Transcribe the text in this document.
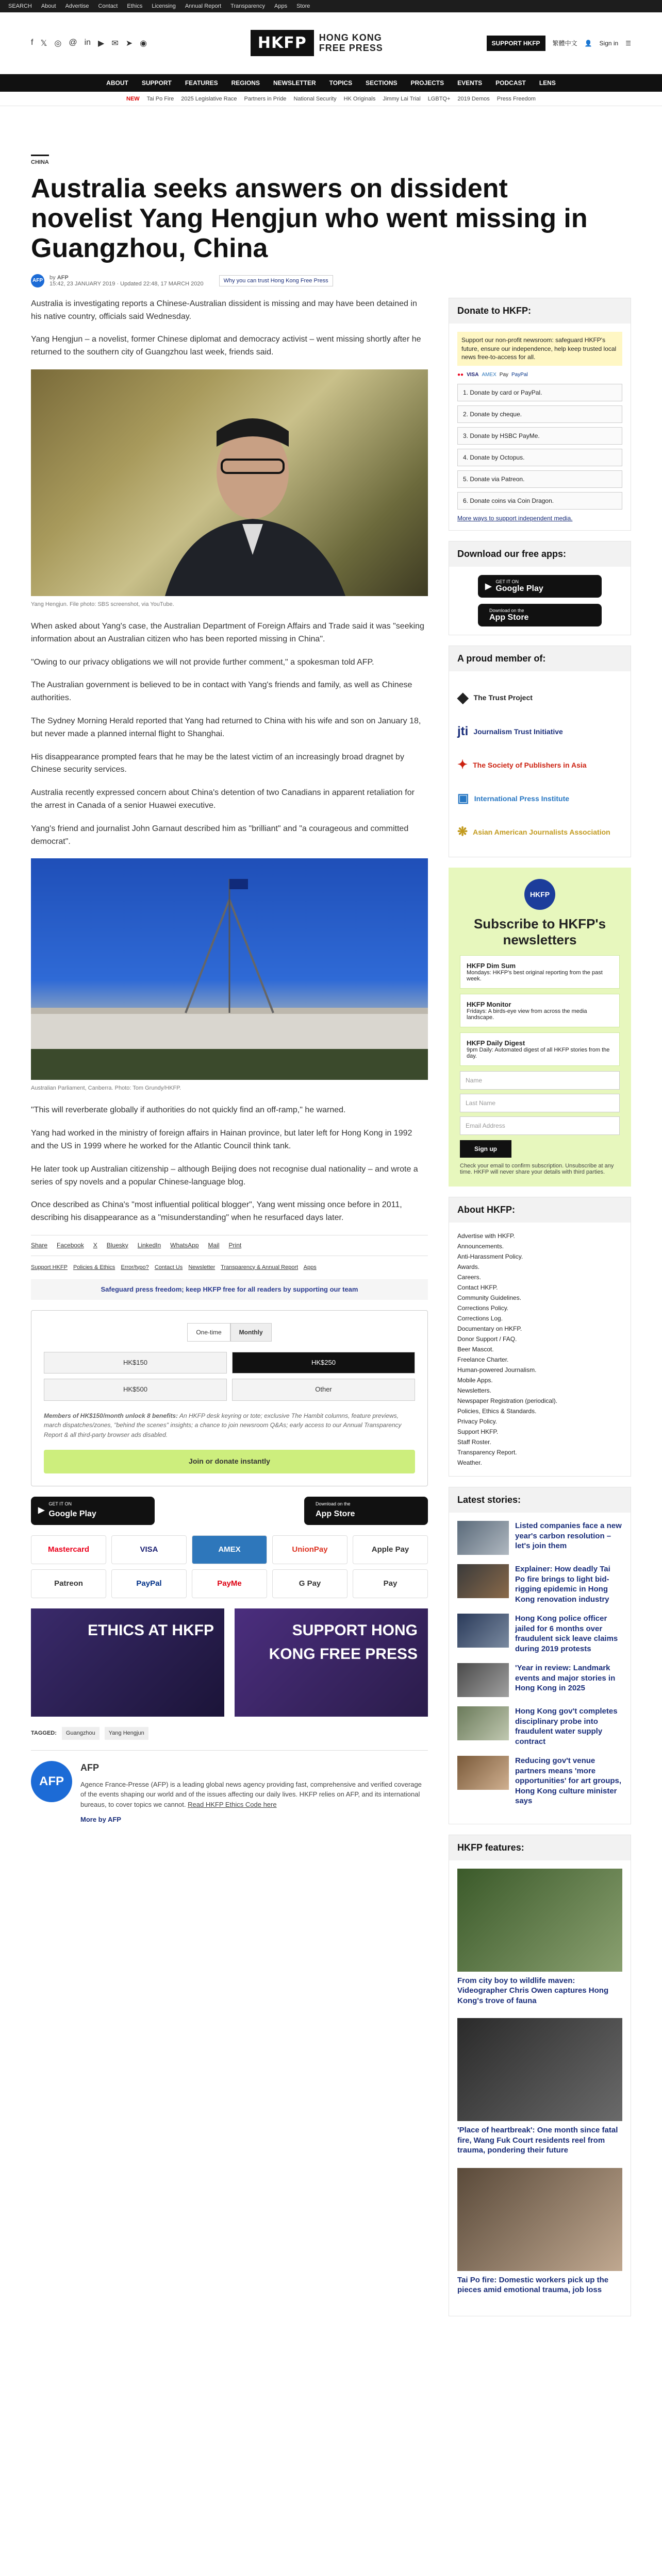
SEARCH About Advertise Contact Ethics Licensing Annual Report Transparency Apps Store
f 𝕏 ◎ @ in ▶ ✉ ➤ ◉	HKFP	HONG KONG
FREE PRESS	SUPPORT HKFP	繁體中文 👤 Sign in ☰
ABOUT SUPPORT FEATURES REGIONS NEWSLETTER TOPICS SECTIONS PROJECTS EVENTS PODCAST LENS
NEW Tai Po Fire 2025 Legislative Race Partners in Pride National Security HK Originals Jimmy Lai Trial LGBTQ+ 2019 Demos Press Freedom
CHINA
Australia seeks answers on dissident novelist Yang Hengjun who went missing in Guangzhou, China
AFP by AFP
15:42, 23 JANUARY 2019 · Updated 22:48, 17 MARCH 2020	Why you can trust Hong Kong Free Press

Australia is investigating reports a Chinese-Australian dissident is missing and may have been detained in his native country, officials said Wednesday.

Yang Hengjun – a novelist, former Chinese diplomat and democracy activist – went missing shortly after he returned to the southern city of Guangzhou last week, friends said.

Yang Hengjun. File photo: SBS screenshot, via YouTube.

When asked about Yang's case, the Australian Department of Foreign Affairs and Trade said it was "seeking information about an Australian citizen who has been reported missing in China".

"Owing to our privacy obligations we will not provide further comment," a spokesman told AFP.

The Australian government is believed to be in contact with Yang's friends and family, as well as Chinese authorities.

The Sydney Morning Herald reported that Yang had returned to China with his wife and son on January 18, but never made a planned internal flight to Shanghai.

His disappearance prompted fears that he may be the latest victim of an increasingly broad dragnet by Chinese security services.

Australia recently expressed concern about China's detention of two Canadians in apparent retaliation for the arrest in Canada of a senior Huawei executive.

Yang's friend and journalist John Garnaut described him as "brilliant" and "a courageous and committed democrat".

Australian Parliament, Canberra. Photo: Tom Grundy/HKFP.

"This will reverberate globally if authorities do not quickly find an off-ramp," he warned.

Yang had worked in the ministry of foreign affairs in Hainan province, but later left for Hong Kong in 1992 and the US in 1999 where he worked for the Atlantic Council think tank.

He later took up Australian citizenship – although Beijing does not recognise dual nationality – and wrote a series of spy novels and a popular Chinese-language blog.

Once described as China's "most influential political blogger", Yang went missing once before in 2011, describing his disappearance as a "misunderstanding" when he resurfaced days later.

Share Facebook X Bluesky LinkedIn WhatsApp Mail Print
Support HKFP Policies & Ethics Error/typo? Contact Us Newsletter Transparency & Annual Report Apps
Safeguard press freedom; keep HKFP free for all readers by supporting our team
One-time	Monthly
HK$150	HK$250
HK$500	Other
Members of HK$150/month unlock 8 benefits: An HKFP desk keyring or tote; exclusive The Hambit columns, feature previews, march dispatches/zones, "behind the scenes" insights; a chance to join newsroom Q&As; early access to our Annual Transparency Report & all third-party browser ads disabled.
Join or donate instantly
▶
GET IT ON
Google Play
Download on the
App Store
Mastercard	VISA	AMEX	UnionPay	Apple Pay
Patreon	PayPal	PayMe	G Pay	Pay
ETHICS AT HKFP	SUPPORT HONG KONG FREE PRESS
TAGGED:	Guangzhou	Yang Hengjun
AFP
AFP
Agence France-Presse (AFP) is a leading global news agency providing fast, comprehensive and verified coverage of the events shaping our world and of the issues affecting our daily lives. HKFP relies on AFP, and its international bureaus, to cover topics we cannot. Read HKFP Ethics Code here
More by AFP
Donate to HKFP:
Support our non-profit newsroom: safeguard HKFP's future, ensure our independence, help keep trusted local news free-to-access for all.
●● VISA AMEX Pay PayPal
1. Donate by card or PayPal.
2. Donate by cheque.
3. Donate by HSBC PayMe.
4. Donate by Octopus.
5. Donate via Patreon.
6. Donate coins via Coin Dragon.
More ways to support independent media.
Download our free apps:
▶
GET IT ON
Google Play
Download on the
App Store
A proud member of:
◆ The Trust Project
jti Journalism Trust Initiative
✦ The Society of Publishers in Asia
▣ International Press Institute
❋ Asian American Journalists Association
HKFP
Subscribe to HKFP's newsletters
HKFP Dim Sum
Mondays: HKFP's best original reporting from the past week.
HKFP Monitor
Fridays: A birds-eye view from across the media landscape.
HKFP Daily Digest
9pm Daily: Automated digest of all HKFP stories from the day.
Name
Last Name
Email Address
Sign up
Check your email to confirm subscription. Unsubscribe at any time. HKFP will never share your details with third parties.
About HKFP:
Advertise with HKFP.
Announcements.
Anti-Harassment Policy.
Awards.
Careers.
Contact HKFP.
Community Guidelines.
Corrections Policy.
Corrections Log.
Documentary on HKFP.
Donor Support / FAQ.
Beer Mascot.
Freelance Charter.
Human-powered Journalism.
Mobile Apps.
Newsletters.
Newspaper Registration (periodical).
Policies, Ethics & Standards.
Privacy Policy.
Support HKFP.
Staff Roster.
Transparency Report.
Weather.
Latest stories:
Listed companies face a new year's carbon resolution – let's join them
Explainer: How deadly Tai Po fire brings to light bid-rigging epidemic in Hong Kong renovation industry
Hong Kong police officer jailed for 6 months over fraudulent sick leave claims during 2019 protests
'Year in review: Landmark events and major stories in Hong Kong in 2025
Hong Kong gov't completes disciplinary probe into fraudulent water supply contract
Reducing gov't venue partners means 'more opportunities' for art groups, Hong Kong culture minister says
HKFP features:
From city boy to wildlife maven: Videographer Chris Owen captures Hong Kong's trove of fauna
'Place of heartbreak': One month since fatal fire, Wang Fuk Court residents reel from trauma, pondering their future
Tai Po fire: Domestic workers pick up the pieces amid emotional trauma, job loss
